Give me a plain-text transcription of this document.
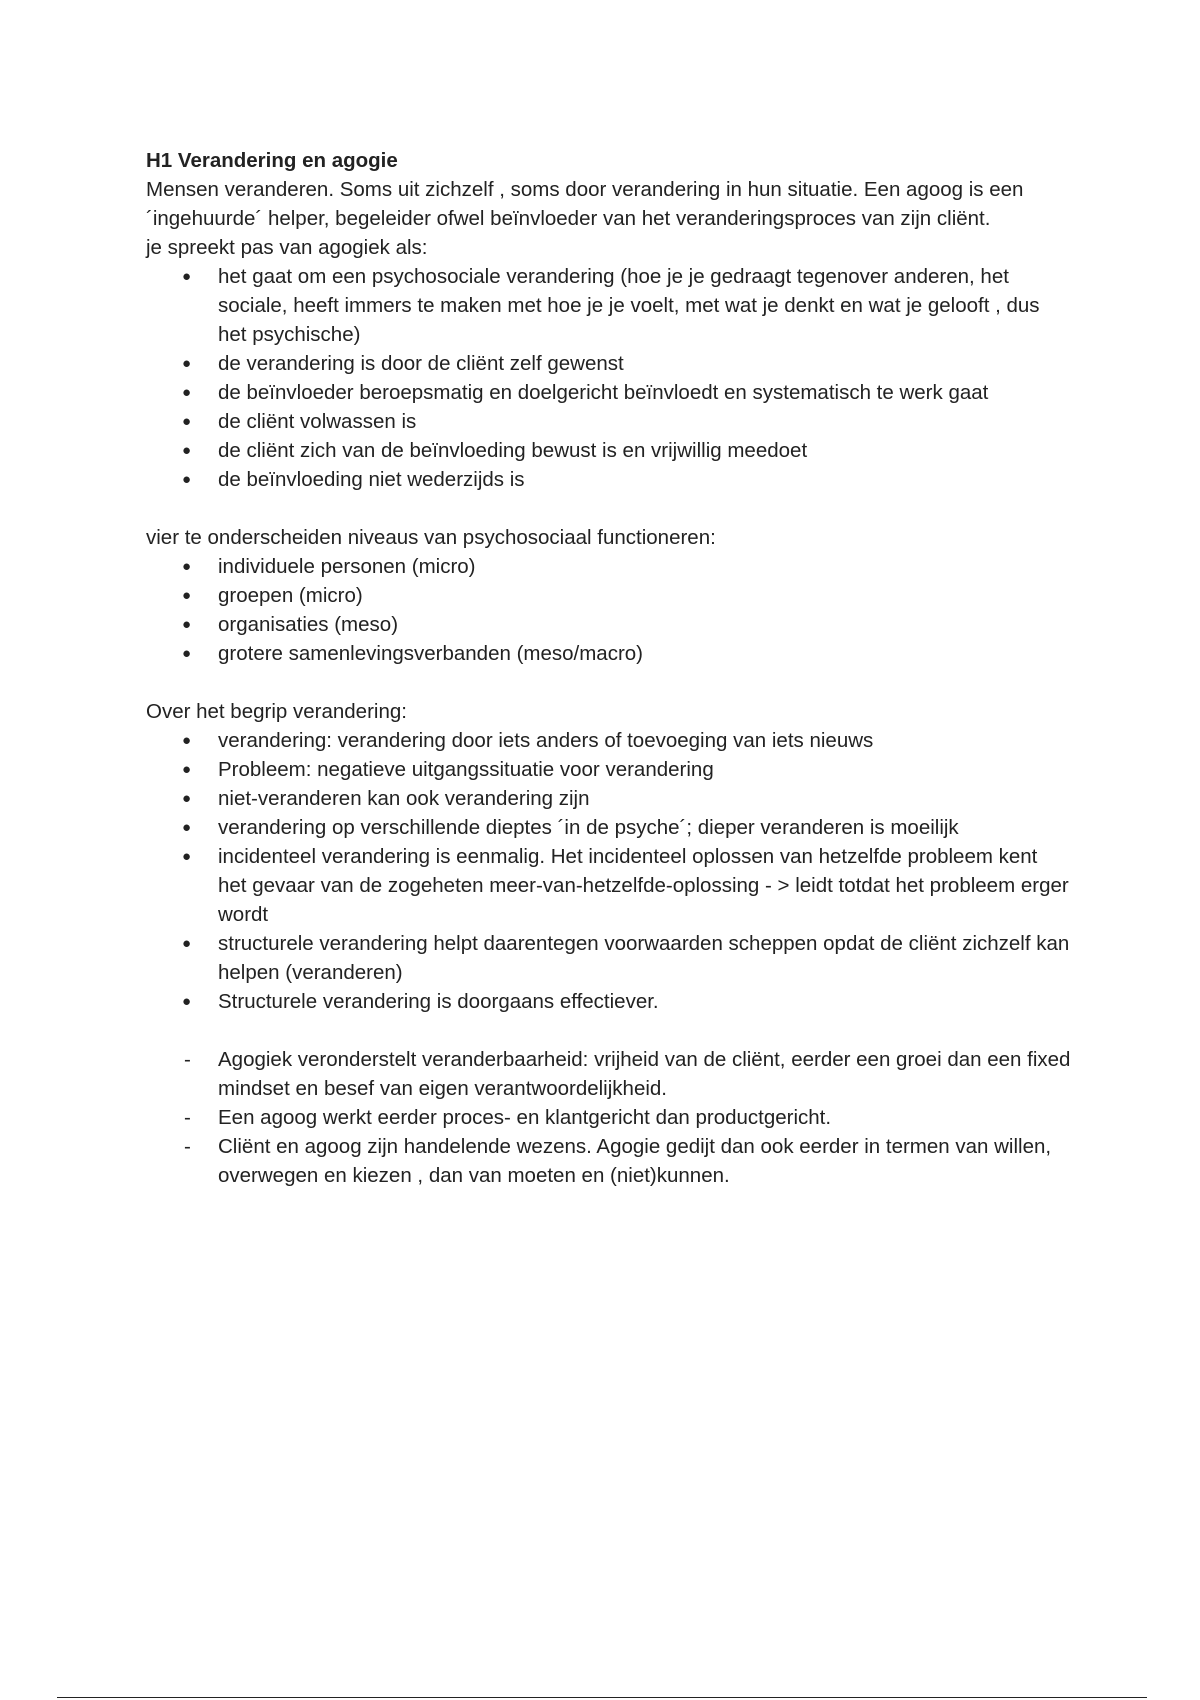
H1 Verandering en agogie

Mensen veranderen. Soms uit zichzelf , soms door verandering in hun situatie. Een agoog is een ´ingehuurde´ helper, begeleider ofwel beïnvloeder van het veranderingsproces van zijn cliënt.

je spreekt pas van agogiek als:

● het gaat om een psychosociale verandering (hoe je je gedraagt tegenover anderen, het sociale, heeft immers te maken met hoe je je voelt, met wat je denkt en wat je gelooft , dus het psychische)
● de verandering is door de cliënt zelf gewenst
● de beïnvloeder beroepsmatig en doelgericht beïnvloedt en systematisch te werk gaat
● de cliënt volwassen is
● de cliënt zich van de beïnvloeding bewust is en vrijwillig meedoet
● de beïnvloeding niet wederzijds is

vier te onderscheiden niveaus van psychosociaal functioneren:

● individuele personen (micro)
● groepen (micro)
● organisaties (meso)
● grotere samenlevingsverbanden (meso/macro)

Over het begrip verandering:

● verandering: verandering door iets anders of toevoeging van iets nieuws
● Probleem: negatieve uitgangssituatie voor verandering
● niet-veranderen kan ook verandering zijn
● verandering op verschillende dieptes ´in de psyche´; dieper veranderen is moeilijk
● incidenteel verandering is eenmalig. Het incidenteel oplossen van hetzelfde probleem kent het gevaar van de zogeheten meer-van-hetzelfde-oplossing - > leidt totdat het probleem erger wordt
● structurele verandering helpt daarentegen voorwaarden scheppen opdat de cliënt zichzelf kan helpen (veranderen)
● Structurele verandering is doorgaans effectiever.
- Agogiek veronderstelt veranderbaarheid: vrijheid van de cliënt, eerder een groei dan een fixed mindset en besef van eigen verantwoordelijkheid.
- Een agoog werkt eerder proces- en klantgericht dan productgericht.
- Cliënt en agoog zijn handelende wezens. Agogie gedijt dan ook eerder in termen van willen, overwegen en kiezen , dan van moeten en (niet)kunnen.
